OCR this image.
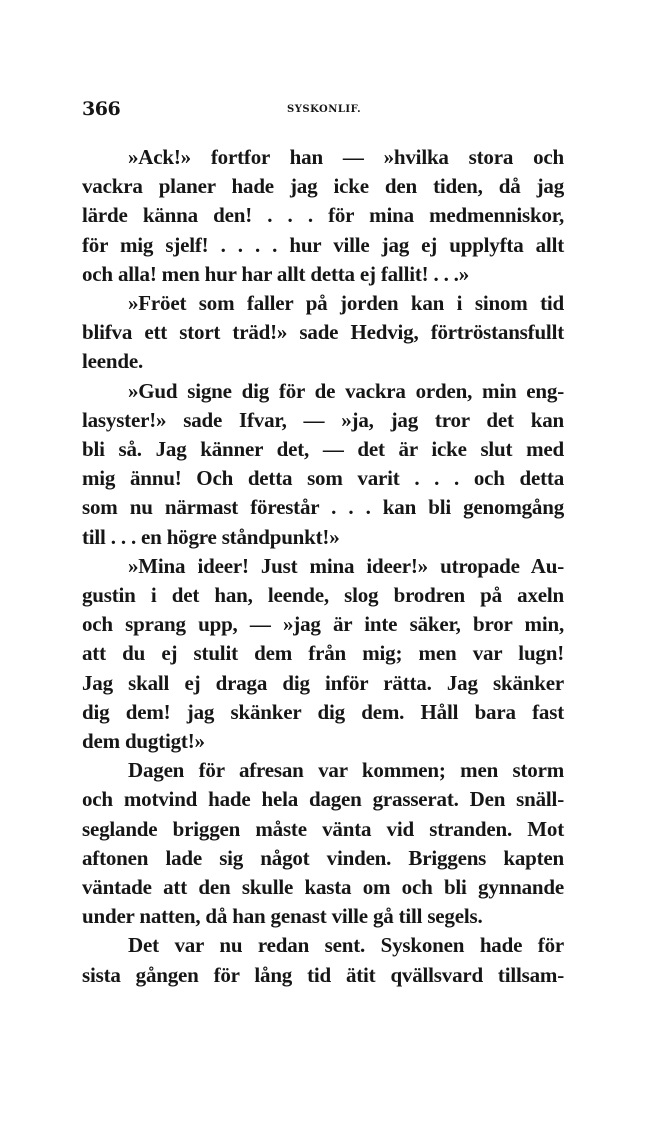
366	SYSKONLIF.

»Ack!» fortfor han — »hvilka stora och
vackra planer hade jag icke den tiden, då jag
lärde känna den! . . . för mina medmenniskor,
för mig sjelf! . . . . hur ville jag ej upplyfta allt
och alla! men hur har allt detta ej fallit! . . .»

»Fröet som faller på jorden kan i sinom tid
blifva ett stort träd!» sade Hedvig, förtröstansfullt
leende.

»Gud signe dig för de vackra orden, min eng-
lasyster!» sade Ifvar, — »ja, jag tror det kan
bli så. Jag känner det, — det är icke slut med
mig ännu! Och detta som varit . . . och detta
som nu närmast förestår . . . kan bli genomgång
till . . . en högre ståndpunkt!»

»Mina ideer! Just mina ideer!» utropade Au-
gustin i det han, leende, slog brodren på axeln
och sprang upp, — »jag är inte säker, bror min,
att du ej stulit dem från mig; men var lugn!
Jag skall ej draga dig inför rätta. Jag skänker
dig dem! jag skänker dig dem. Håll bara fast
dem dugtigt!»

Dagen för afresan var kommen; men storm
och motvind hade hela dagen grasserat. Den snäll-
seglande briggen måste vänta vid stranden. Mot
aftonen lade sig något vinden. Briggens kapten
väntade att den skulle kasta om och bli gynnande
under natten, då han genast ville gå till segels.

Det var nu redan sent. Syskonen hade för
sista gången för lång tid ätit qvällsvard tillsam-
